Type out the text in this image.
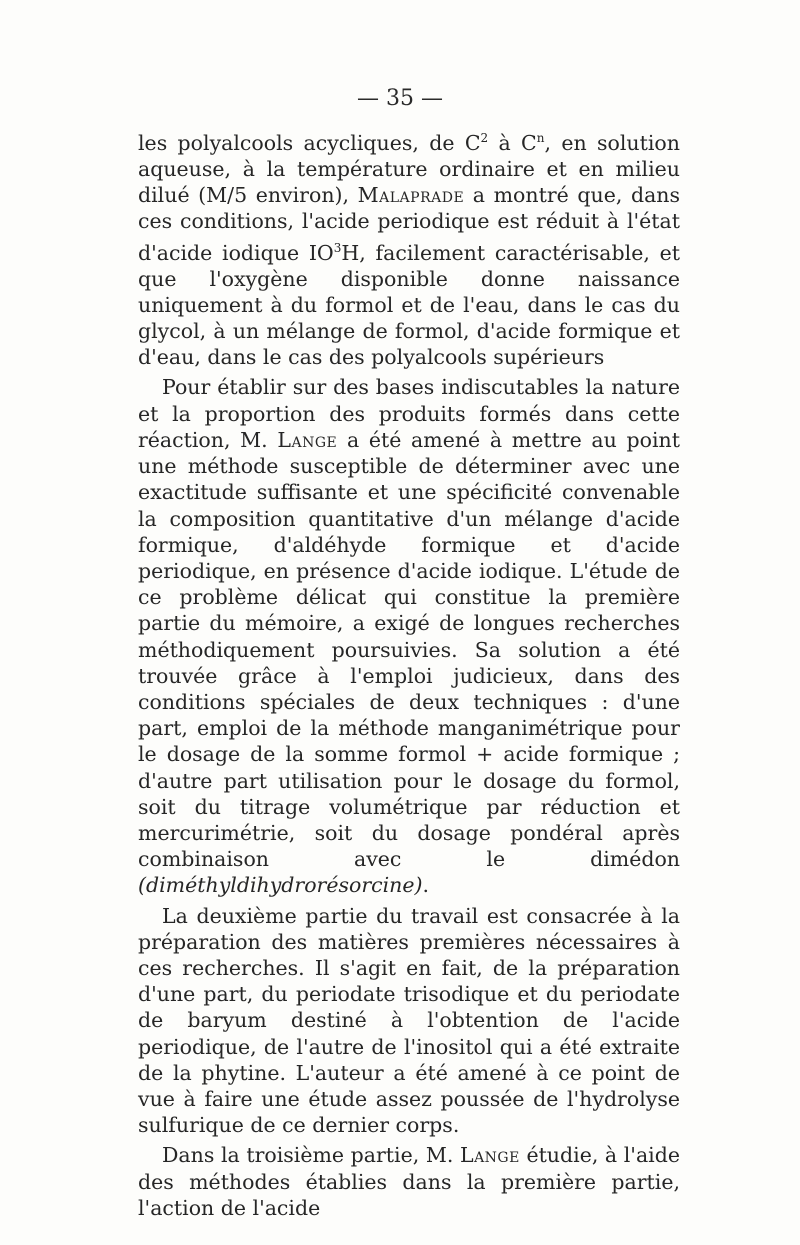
— 35 —

les polyalcools acycliques, de $C^2$ à $C^n$, en solution aqueuse, à la température ordinaire et en milieu dilué (M/5 environ), Malaprade a montré que, dans ces conditions, l'acide periodique est réduit à l'état d'acide iodique $IO^3H$, facilement caractérisable, et que l'oxygène disponible donne naissance uniquement à du formol et de l'eau, dans le cas du glycol, à un mélange de formol, d'acide formique et d'eau, dans le cas des polyalcools supérieurs

Pour établir sur des bases indiscutables la nature et la proportion des produits formés dans cette réaction, M. Lange a été amené à mettre au point une méthode susceptible de déterminer avec une exactitude suffisante et une spécificité convenable la composition quantitative d'un mélange d'acide formique, d'aldéhyde formique et d'acide periodique, en présence d'acide iodique. L'étude de ce problème délicat qui constitue la première partie du mémoire, a exigé de longues recherches méthodiquement poursuivies. Sa solution a été trouvée grâce à l'emploi judicieux, dans des conditions spéciales de deux techniques : d'une part, emploi de la méthode manganimétrique pour le dosage de la somme formol + acide formique ; d'autre part utilisation pour le dosage du formol, soit du titrage volumétrique par réduction et mercurimétrie, soit du dosage pondéral après combinaison avec le dimédon (diméthyldihydrorésorcine).

La deuxième partie du travail est consacrée à la préparation des matières premières nécessaires à ces recherches. Il s'agit en fait, de la préparation d'une part, du periodate trisodique et du periodate de baryum destiné à l'obtention de l'acide periodique, de l'autre de l'inositol qui a été extraite de la phytine. L'auteur a été amené à ce point de vue à faire une étude assez poussée de l'hydrolyse sulfurique de ce dernier corps.

Dans la troisième partie, M. Lange étudie, à l'aide des méthodes établies dans la première partie, l'action de l'acide
